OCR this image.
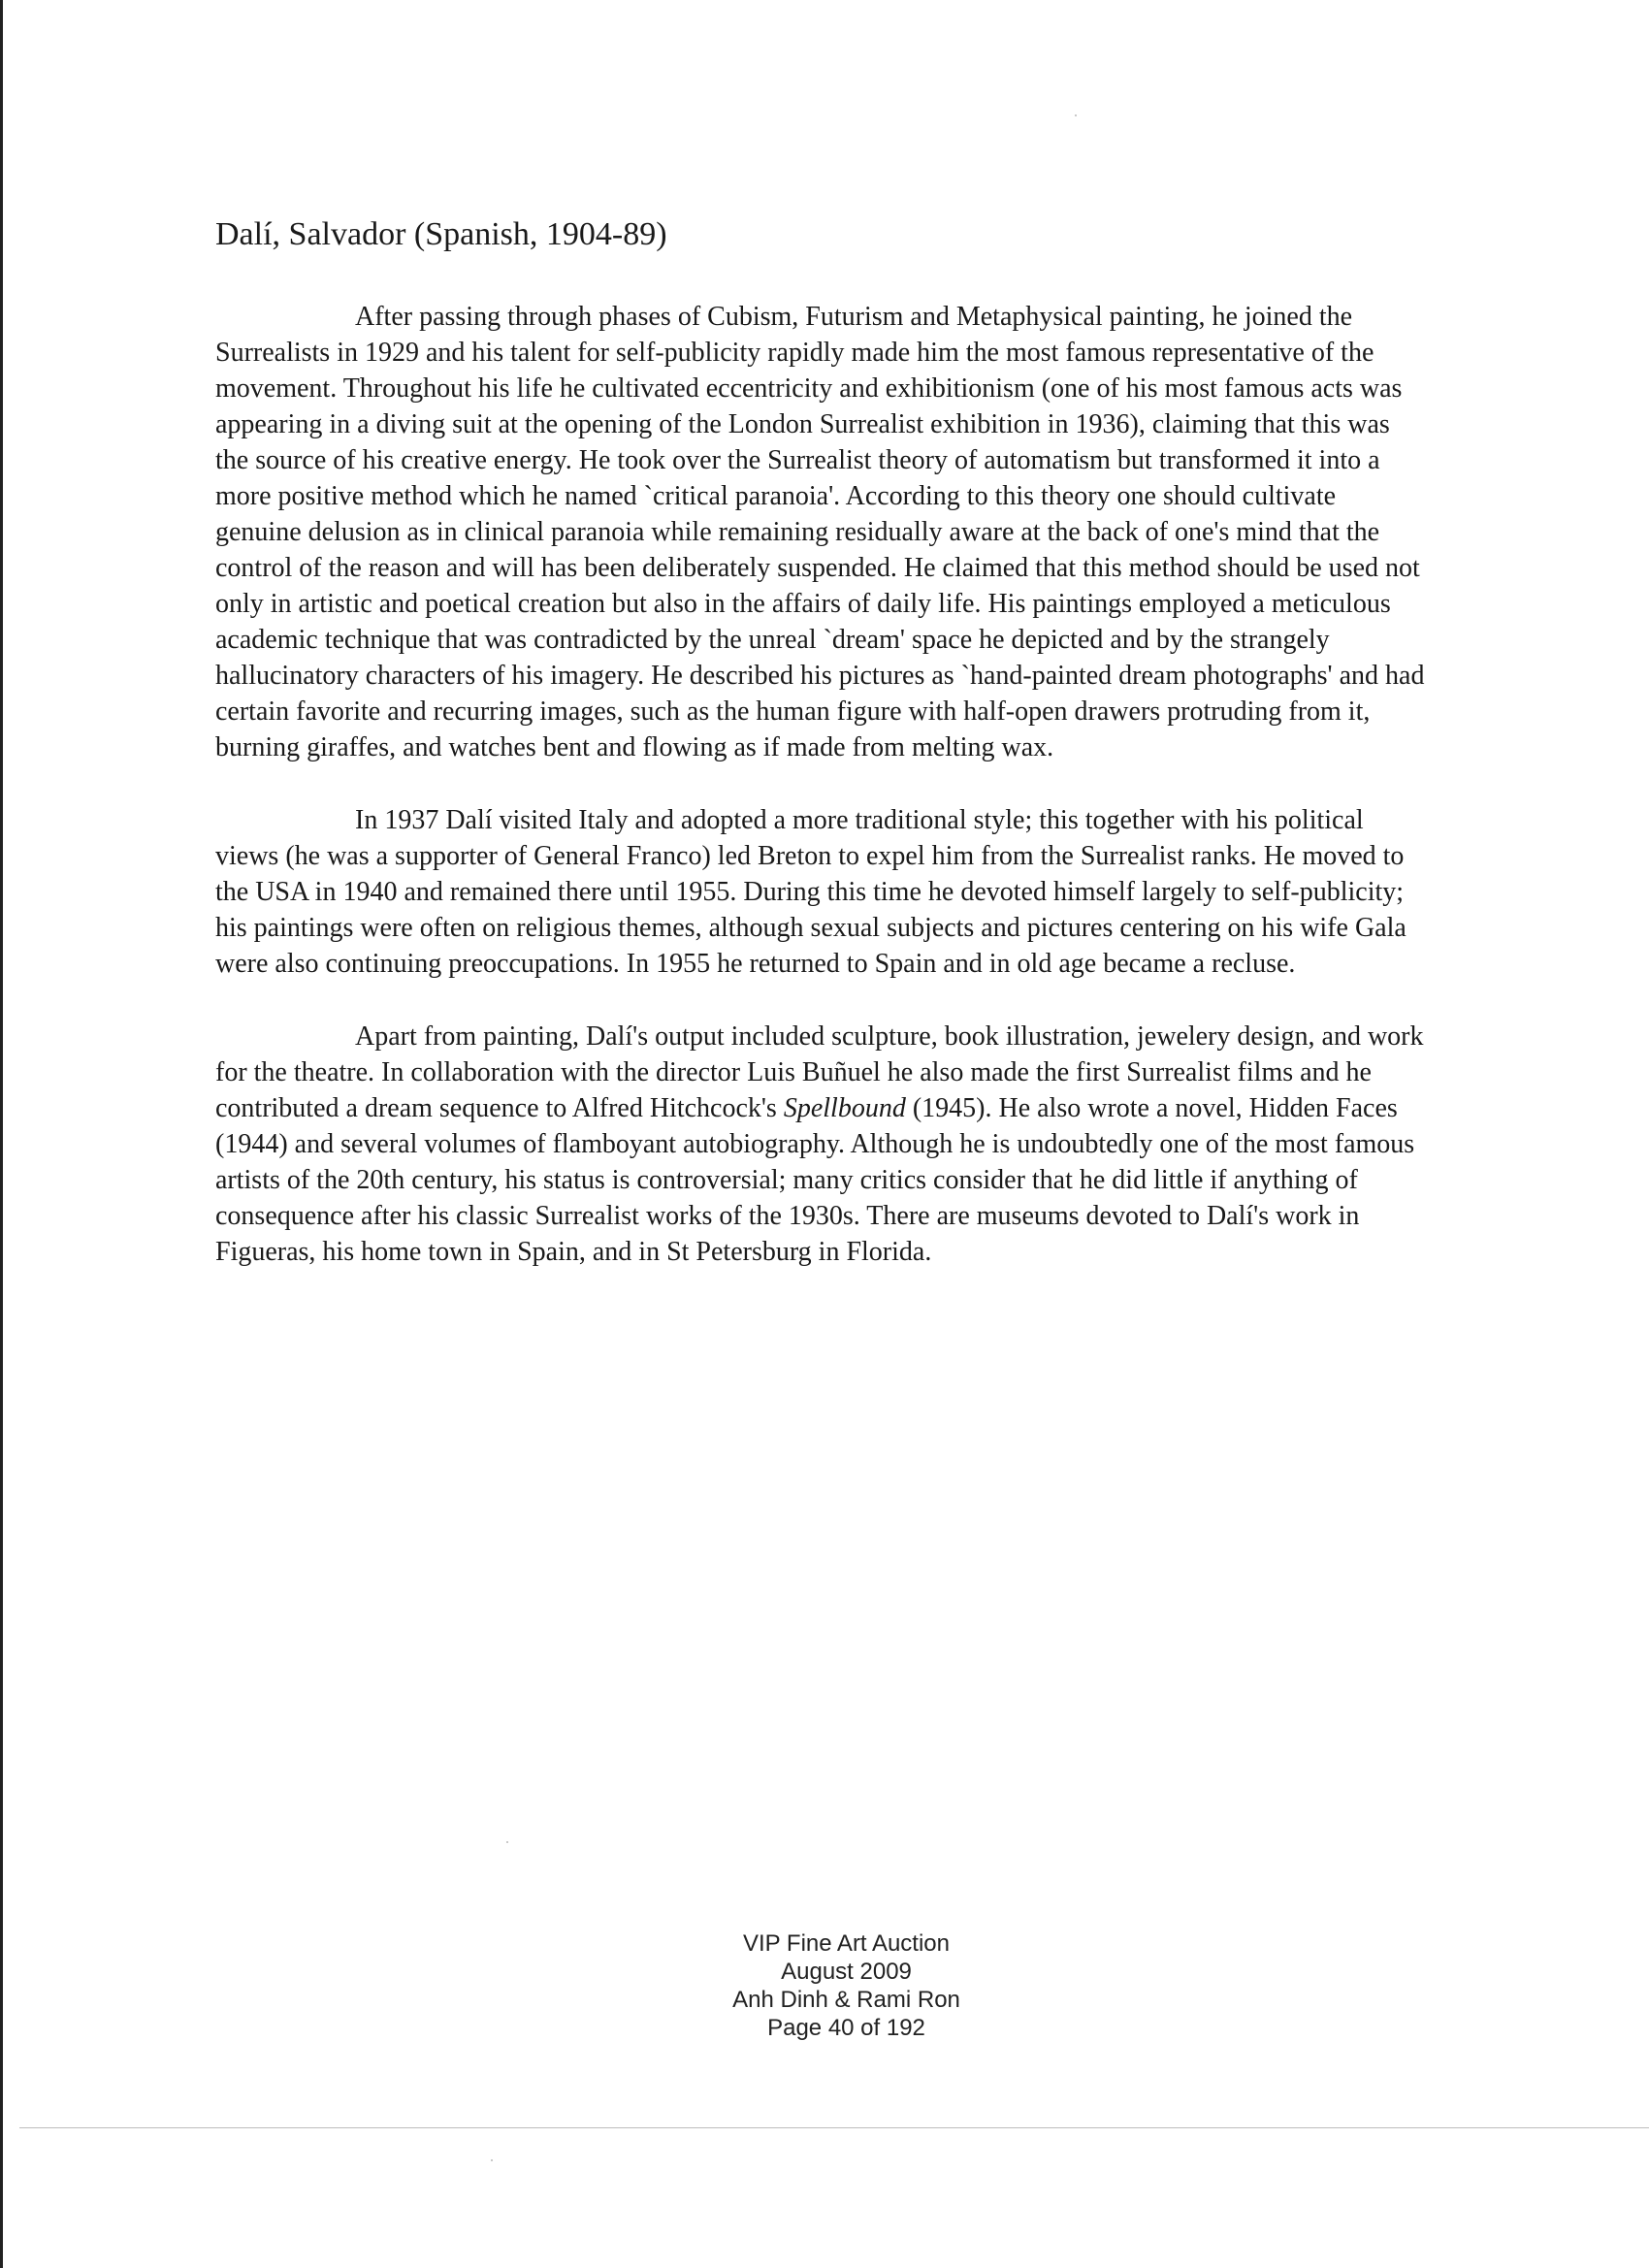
Dalí, Salvador (Spanish, 1904-89)

After passing through phases of Cubism, Futurism and Metaphysical painting, he joined the Surrealists in 1929 and his talent for self-publicity rapidly made him the most famous representative of the movement. Throughout his life he cultivated eccentricity and exhibitionism (one of his most famous acts was appearing in a diving suit at the opening of the London Surrealist exhibition in 1936), claiming that this was the source of his creative energy. He took over the Surrealist theory of automatism but transformed it into a more positive method which he named `critical paranoia'. According to this theory one should cultivate genuine delusion as in clinical paranoia while remaining residually aware at the back of one's mind that the control of the reason and will has been deliberately suspended. He claimed that this method should be used not only in artistic and poetical creation but also in the affairs of daily life. His paintings employed a meticulous academic technique that was contradicted by the unreal `dream' space he depicted and by the strangely hallucinatory characters of his imagery. He described his pictures as `hand-painted dream photographs' and had certain favorite and recurring images, such as the human figure with half-open drawers protruding from it, burning giraffes, and watches bent and flowing as if made from melting wax.

In 1937 Dalí visited Italy and adopted a more traditional style; this together with his political views (he was a supporter of General Franco) led Breton to expel him from the Surrealist ranks. He moved to the USA in 1940 and remained there until 1955. During this time he devoted himself largely to self-publicity; his paintings were often on religious themes, although sexual subjects and pictures centering on his wife Gala were also continuing preoccupations. In 1955 he returned to Spain and in old age became a recluse.

Apart from painting, Dalí's output included sculpture, book illustration, jewelery design, and work for the theatre. In collaboration with the director Luis Buñuel he also made the first Surrealist films and he contributed a dream sequence to Alfred Hitchcock's Spellbound (1945). He also wrote a novel, Hidden Faces (1944) and several volumes of flamboyant autobiography. Although he is undoubtedly one of the most famous artists of the 20th century, his status is controversial; many critics consider that he did little if anything of consequence after his classic Surrealist works of the 1930s. There are museums devoted to Dalí's work in Figueras, his home town in Spain, and in St Petersburg in Florida.

VIP Fine Art Auction
August 2009
Anh Dinh & Rami Ron
Page 40 of 192
